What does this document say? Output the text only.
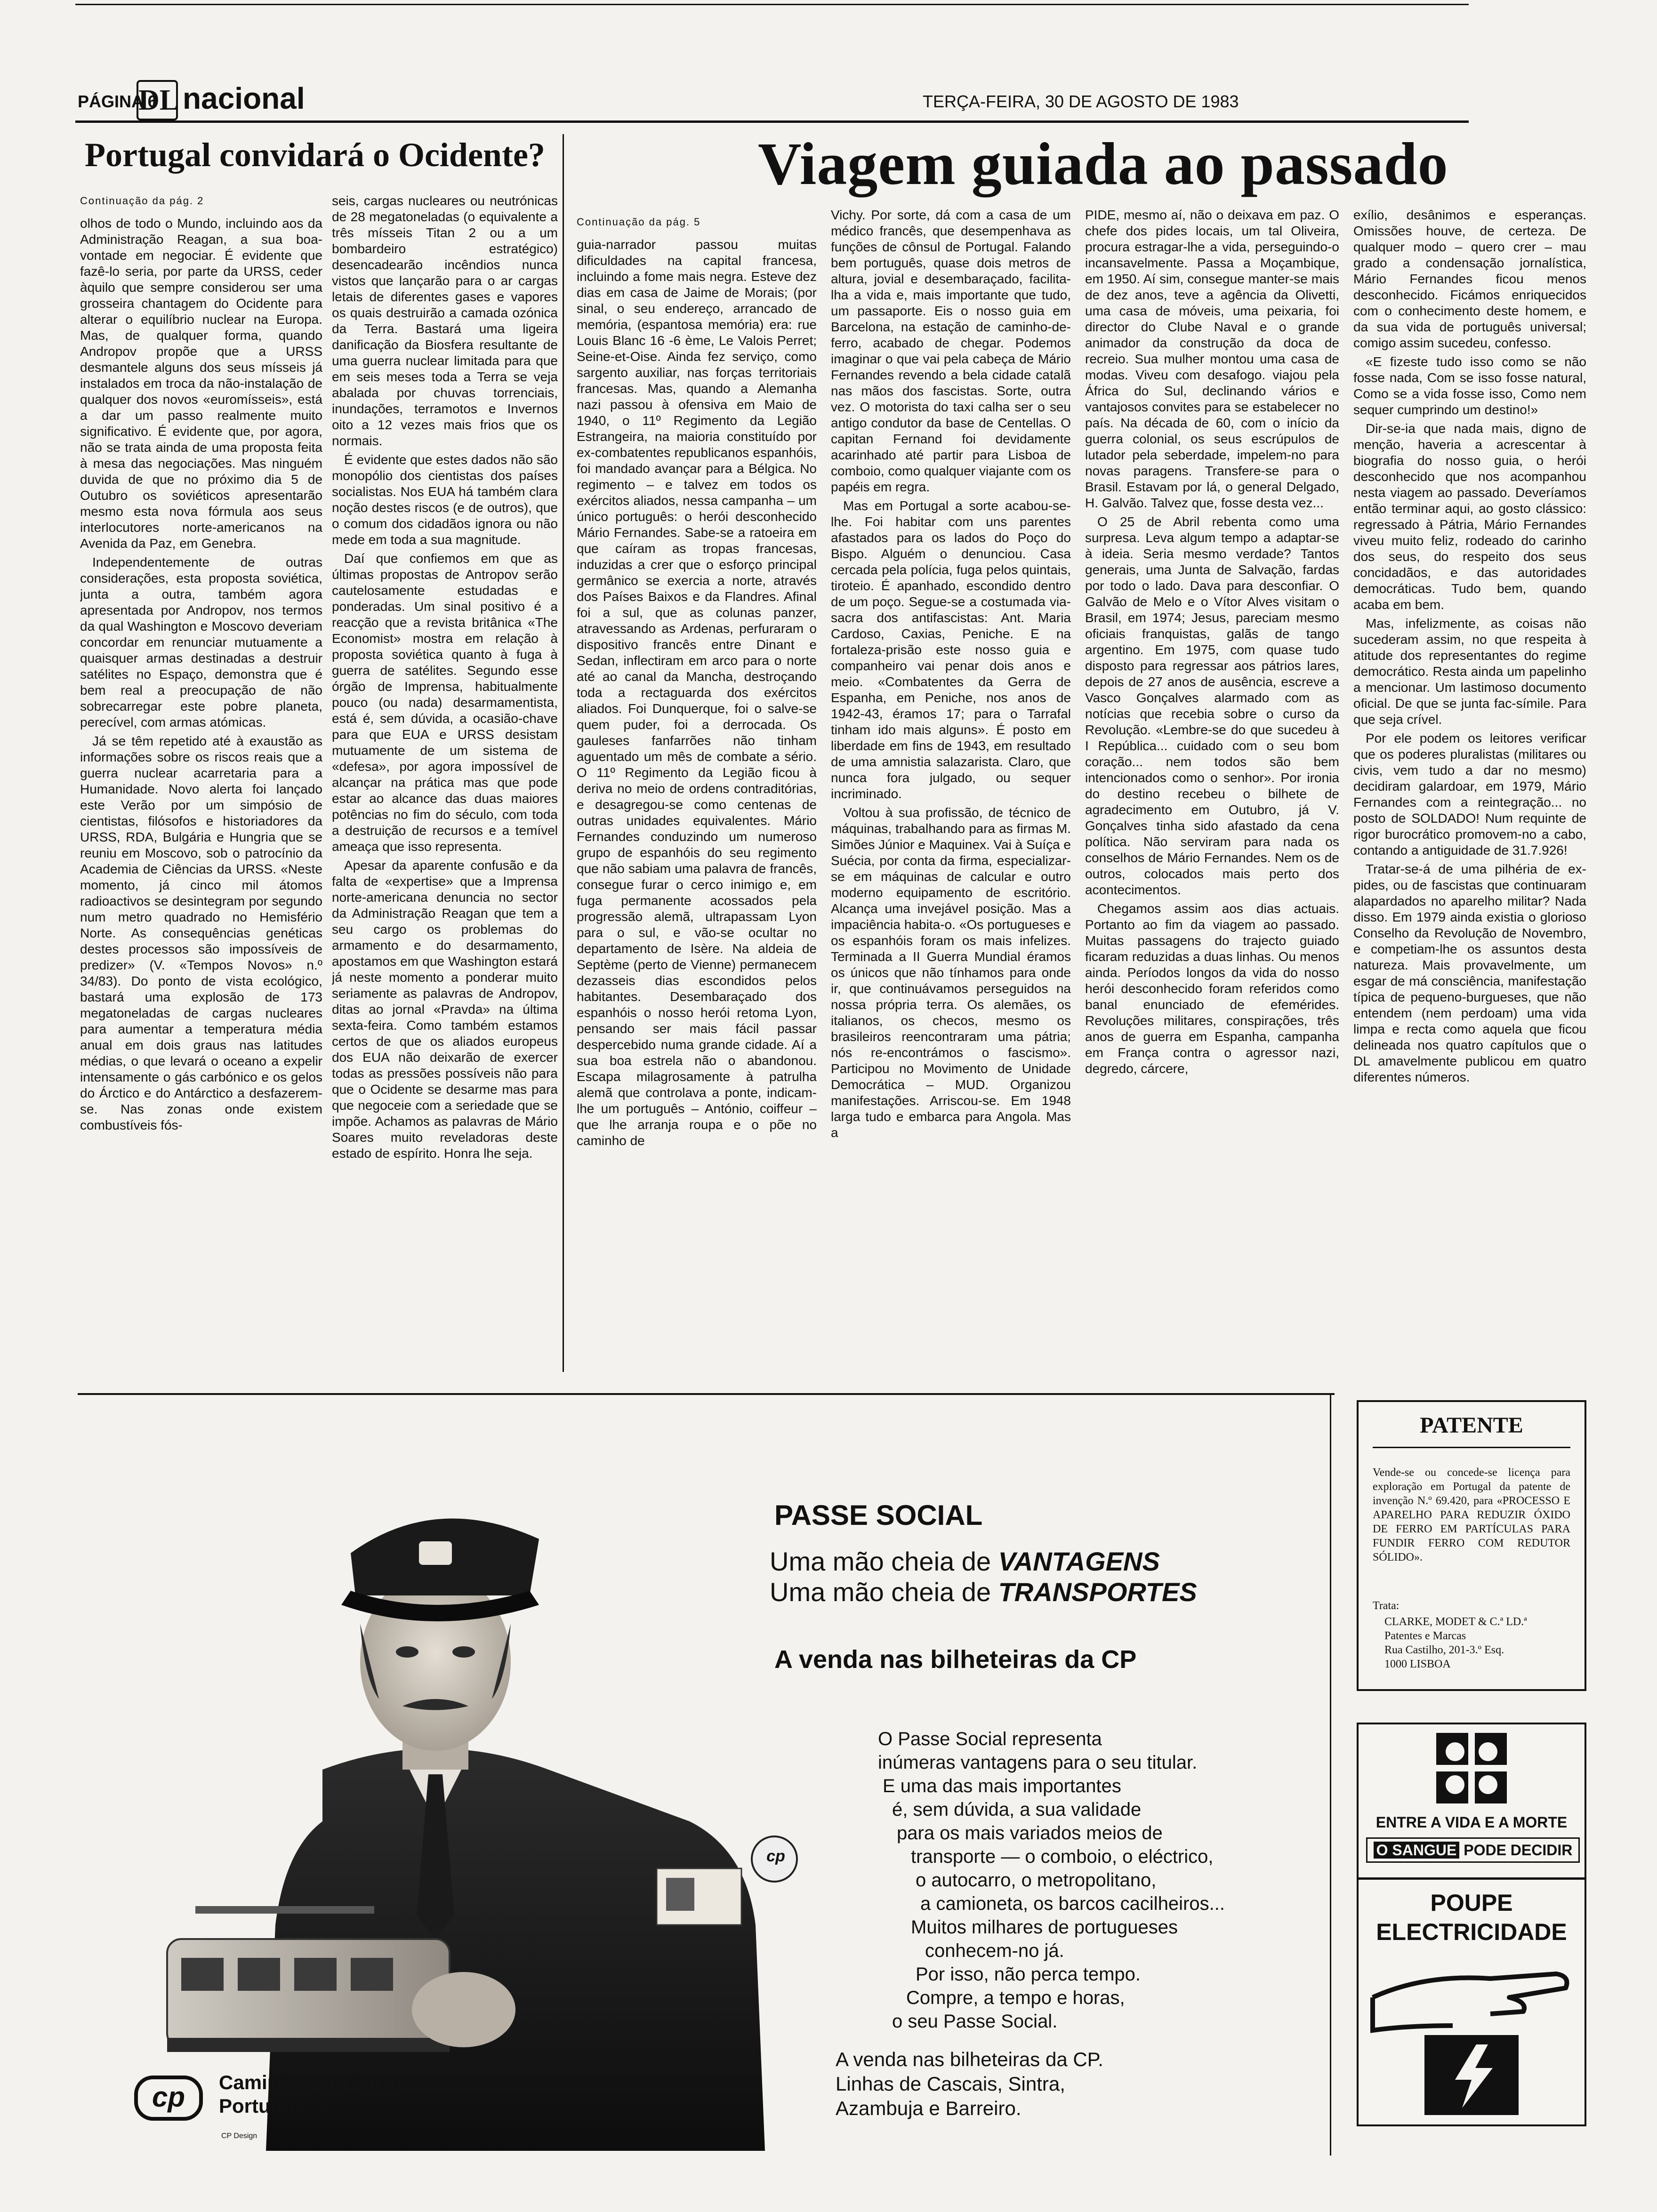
PÁGINA 6
DL nacional	TERÇA-FEIRA, 30 DE AGOSTO DE 1983
Portugal convidará o Ocidente?
Continuação da pág. 2

olhos de todo o Mundo, incluindo aos da Administração Reagan, a sua boa-vontade em negociar. É evidente que fazê-lo seria, por parte da URSS, ceder àquilo que sempre considerou ser uma grosseira chantagem do Ocidente para alterar o equilíbrio nuclear na Europa. Mas, de qualquer forma, quando Andropov propõe que a URSS desmantele alguns dos seus mísseis já instalados em troca da não-instalação de qualquer dos novos «euromísseis», está a dar um passo realmente muito significativo. É evidente que, por agora, não se trata ainda de uma proposta feita à mesa das negociações. Mas ninguém duvida de que no próximo dia 5 de Outubro os soviéticos apresentarão mesmo esta nova fórmula aos seus interlocutores norte-americanos na Avenida da Paz, em Genebra.

Independentemente de outras considerações, esta proposta soviética, junta a outra, também agora apresentada por Andropov, nos termos da qual Washington e Moscovo deveriam concordar em renunciar mutuamente a quaisquer armas destinadas a destruir satélites no Espaço, demonstra que é bem real a preocupação de não sobrecarregar este pobre planeta, perecível, com armas atómicas.

Já se têm repetido até à exaustão as informações sobre os riscos reais que a guerra nuclear acarretaria para a Humanidade. Novo alerta foi lançado este Verão por um simpósio de cientistas, filósofos e historiadores da URSS, RDA, Bulgária e Hungria que se reuniu em Moscovo, sob o patrocínio da Academia de Ciências da URSS. «Neste momento, já cinco mil átomos radioactivos se desintegram por segundo num metro quadrado no Hemisfério Norte. As consequências genéticas destes processos são impossíveis de predizer» (V. «Tempos Novos» n.º 34/83). Do ponto de vista ecológico, bastará uma explosão de 173 megatoneladas de cargas nucleares para aumentar a temperatura média anual em dois graus nas latitudes médias, o que levará o oceano a expelir intensamente o gás carbónico e os gelos do Árctico e do Antárctico a desfazerem-se. Nas zonas onde existem combustíveis fós-

seis, cargas nucleares ou neutrónicas de 28 megatoneladas (o equivalente a três mísseis Titan 2 ou a um bombardeiro estratégico) desencadearão incêndios nunca vistos que lançarão para o ar cargas letais de diferentes gases e vapores os quais destruirão a camada ozónica da Terra. Bastará uma ligeira danificação da Biosfera resultante de uma guerra nuclear limitada para que em seis meses toda a Terra se veja abalada por chuvas torrenciais, inundações, terramotos e Invernos oito a 12 vezes mais frios que os normais.

É evidente que estes dados não são monopólio dos cientistas dos países socialistas. Nos EUA há também clara noção destes riscos (e de outros), que o comum dos cidadãos ignora ou não mede em toda a sua magnitude.

Daí que confiemos em que as últimas propostas de Antropov serão cautelosamente estudadas e ponderadas. Um sinal positivo é a reacção que a revista britânica «The Economist» mostra em relação à proposta soviética quanto à fuga à guerra de satélites. Segundo esse órgão de Imprensa, habitualmente pouco (ou nada) desarmamentista, está é, sem dúvida, a ocasião-chave para que EUA e URSS desistam mutuamente de um sistema de «defesa», por agora impossível de alcançar na prática mas que pode estar ao alcance das duas maiores potências no fim do século, com toda a destruição de recursos e a temível ameaça que isso representa.

Apesar da aparente confusão e da falta de «expertise» que a Imprensa norte-americana denuncia no sector da Administração Reagan que tem a seu cargo os problemas do armamento e do desarmamento, apostamos em que Washington estará já neste momento a ponderar muito seriamente as palavras de Andropov, ditas ao jornal «Pravda» na última sexta-feira. Como também estamos certos de que os aliados europeus dos EUA não deixarão de exercer todas as pressões possíveis não para que o Ocidente se desarme mas para que negoceie com a seriedade que se impõe. Achamos as palavras de Mário Soares muito reveladoras deste estado de espírito. Honra lhe seja.

Viagem guiada ao passado
Continuação da pág. 5

guia-narrador passou muitas dificuldades na capital francesa, incluindo a fome mais negra. Esteve dez dias em casa de Jaime de Morais; (por sinal, o seu endereço, arrancado de memória, (espantosa memória) era: rue Louis Blanc 16 -6 ème, Le Valois Perret; Seine-et-Oise. Ainda fez serviço, como sargento auxiliar, nas forças territoriais francesas. Mas, quando a Alemanha nazi passou à ofensiva em Maio de 1940, o 11º Regimento da Legião Estrangeira, na maioria constituído por ex-combatentes republicanos espanhóis, foi mandado avançar para a Bélgica. No regimento – e talvez em todos os exércitos aliados, nessa campanha – um único português: o herói desconhecido Mário Fernandes. Sabe-se a ratoeira em que caíram as tropas francesas, induzidas a crer que o esforço principal germânico se exercia a norte, através dos Países Baixos e da Flandres. Afinal foi a sul, que as colunas panzer, atravessando as Ardenas, perfuraram o dispositivo francês entre Dinant e Sedan, inflectiram em arco para o norte até ao canal da Mancha, destroçando toda a rectaguarda dos exércitos aliados. Foi Dunquerque, foi o salve-se quem puder, foi a derrocada. Os gauleses fanfarrões não tinham aguentado um mês de combate a sério. O 11º Regimento da Legião ficou à deriva no meio de ordens contraditórias, e desagregou-se como centenas de outras unidades equivalentes. Mário Fernandes conduzindo um numeroso grupo de espanhóis do seu regimento que não sabiam uma palavra de francês, consegue furar o cerco inimigo e, em fuga permanente acossados pela progressão alemã, ultrapassam Lyon para o sul, e vão-se ocultar no departamento de Isère. Na aldeia de Septème (perto de Vienne) permanecem dezasseis dias escondidos pelos habitantes. Desembaraçado dos espanhóis o nosso herói retoma Lyon, pensando ser mais fácil passar despercebido numa grande cidade. Aí a sua boa estrela não o abandonou. Escapa milagrosamente à patrulha alemã que controlava a ponte, indicam-lhe um português – António, coiffeur – que lhe arranja roupa e o põe no caminho de

Vichy. Por sorte, dá com a casa de um médico francês, que desempenhava as funções de cônsul de Portugal. Falando bem português, quase dois metros de altura, jovial e desembaraçado, facilita-lha a vida e, mais importante que tudo, um passaporte. Eis o nosso guia em Barcelona, na estação de caminho-de-ferro, acabado de chegar. Podemos imaginar o que vai pela cabeça de Mário Fernandes revendo a bela cidade catalã nas mãos dos fascistas. Sorte, outra vez. O motorista do taxi calha ser o seu antigo condutor da base de Centellas. O capitan Fernand foi devidamente acarinhado até partir para Lisboa de comboio, como qualquer viajante com os papéis em regra.

Mas em Portugal a sorte acabou-se-lhe. Foi habitar com uns parentes afastados para os lados do Poço do Bispo. Alguém o denunciou. Casa cercada pela polícia, fuga pelos quintais, tiroteio. É apanhado, escondido dentro de um poço. Segue-se a costumada via-sacra dos antifascistas: Ant. Maria Cardoso, Caxias, Peniche. E na fortaleza-prisão este nosso guia e companheiro vai penar dois anos e meio. «Combatentes da Gerra de Espanha, em Peniche, nos anos de 1942-43, éramos 17; para o Tarrafal tinham ido mais alguns». É posto em liberdade em fins de 1943, em resultado de uma amnistia salazarista. Claro, que nunca fora julgado, ou sequer incriminado.

Voltou à sua profissão, de técnico de máquinas, trabalhando para as firmas M. Simões Júnior e Maquinex. Vai à Suíça e Suécia, por conta da firma, especializar-se em máquinas de calcular e outro moderno equipamento de escritório. Alcança uma invejável posição. Mas a impaciência habita-o. «Os portugueses e os espanhóis foram os mais infelizes. Terminada a II Guerra Mundial éramos os únicos que não tínhamos para onde ir, que continuávamos perseguidos na nossa própria terra. Os alemães, os italianos, os checos, mesmo os brasileiros reencontraram uma pátria; nós re-encontrámos o fascismo». Participou no Movimento de Unidade Democrática – MUD. Organizou manifestações. Arriscou-se. Em 1948 larga tudo e embarca para Angola. Mas a

PIDE, mesmo aí, não o deixava em paz. O chefe dos pides locais, um tal Oliveira, procura estragar-lhe a vida, perseguindo-o incansavelmente. Passa a Moçambique, em 1950. Aí sim, consegue manter-se mais de dez anos, teve a agência da Olivetti, uma casa de móveis, uma peixaria, foi director do Clube Naval e o grande animador da construção da doca de recreio. Sua mulher montou uma casa de modas. Viveu com desafogo. viajou pela África do Sul, declinando vários e vantajosos convites para se estabelecer no país. Na década de 60, com o início da guerra colonial, os seus escrúpulos de lutador pela seberdade, impelem-no para novas paragens. Transfere-se para o Brasil. Estavam por lá, o general Delgado, H. Galvão. Talvez que, fosse desta vez...

O 25 de Abril rebenta como uma surpresa. Leva algum tempo a adaptar-se à ideia. Seria mesmo verdade? Tantos generais, uma Junta de Salvação, fardas por todo o lado. Dava para desconfiar. O Galvão de Melo e o Vítor Alves visitam o Brasil, em 1974; Jesus, pareciam mesmo oficiais franquistas, galãs de tango argentino. Em 1975, com quase tudo disposto para regressar aos pátrios lares, depois de 27 anos de ausência, escreve a Vasco Gonçalves alarmado com as notícias que recebia sobre o curso da Revolução. «Lembre-se do que sucedeu à I República... cuidado com o seu bom coração... nem todos são bem intencionados como o senhor». Por ironia do destino recebeu o bilhete de agradecimento em Outubro, já V. Gonçalves tinha sido afastado da cena política. Não serviram para nada os conselhos de Mário Fernandes. Nem os de outros, colocados mais perto dos acontecimentos.

Chegamos assim aos dias actuais. Portanto ao fim da viagem ao passado. Muitas passagens do trajecto guiado ficaram reduzidas a duas linhas. Ou menos ainda. Períodos longos da vida do nosso herói desconhecido foram referidos como banal enunciado de efemérides. Revoluções militares, conspirações, três anos de guerra em Espanha, campanha em França contra o agressor nazi, degredo, cárcere,

exílio, desânimos e esperanças. Omissões houve, de certeza. De qualquer modo – quero crer – mau grado a condensação jornalística, Mário Fernandes ficou menos desconhecido. Ficámos enriquecidos com o conhecimento deste homem, e da sua vida de português universal; comigo assim sucedeu, confesso.

«E fizeste tudo isso como se não fosse nada, Com se isso fosse natural, Como se a vida fosse isso, Como nem sequer cumprindo um destino!»

Dir-se-ia que nada mais, digno de menção, haveria a acrescentar à biografia do nosso guia, o herói desconhecido que nos acompanhou nesta viagem ao passado. Deveríamos então terminar aqui, ao gosto clássico: regressado à Pátria, Mário Fernandes viveu muito feliz, rodeado do carinho dos seus, do respeito dos seus concidadãos, e das autoridades democráticas. Tudo bem, quando acaba em bem.

Mas, infelizmente, as coisas não sucederam assim, no que respeita à atitude dos representantes do regime democrático. Resta ainda um papelinho a mencionar. Um lastimoso documento oficial. De que se junta fac-símile. Para que seja crível.

Por ele podem os leitores verificar que os poderes pluralistas (militares ou civis, vem tudo a dar no mesmo) decidiram galardoar, em 1979, Mário Fernandes com a reintegração... no posto de SOLDADO! Num requinte de rigor burocrático promovem-no a cabo, contando a antiguidade de 31.7.926!

Tratar-se-á de uma pilhéria de ex-pides, ou de fascistas que continuaram alapardados no aparelho militar? Nada disso. Em 1979 ainda existia o glorioso Conselho da Revolução de Novembro, e competiam-lhe os assuntos desta natureza. Mais provavelmente, um esgar de má consciência, manifestação típica de pequeno-burgueses, que não entendem (nem perdoam) uma vida limpa e recta como aquela que ficou delineada nos quatro capítulos que o DL amavelmente publicou em quatro diferentes números.

cp
PASSE SOCIAL
Uma mão cheia de VANTAGENS
Uma mão cheia de TRANSPORTES
A venda nas bilheteiras da CP
O Passe Social representa
inúmeras vantagens para o seu titular.
E uma das mais importantes
é, sem dúvida, a sua validade
para os mais variados meios de
transporte — o comboio, o eléctrico,
o autocarro, o metropolitano,
a camioneta, os barcos cacilheiros...
Muitos milhares de portugueses
conhecem-no já.
Por isso, não perca tempo.
Compre, a tempo e horas,
o seu Passe Social.
A venda nas bilheteiras da CP.
Linhas de Cascais, Sintra,
Azambuja e Barreiro.
cp	Caminhos de Ferro
Portugueses
CP Design
PATENTE
Vende-se ou concede-se licença para exploração em Portugal da patente de invenção N.º 69.420, para «PROCESSO E APARELHO PARA REDUZIR ÓXIDO DE FERRO EM PARTÍCULAS PARA FUNDIR FERRO COM REDUTOR SÓLIDO».
Trata:
CLARKE, MODET & C.ª LD.ª
Patentes e Marcas
Rua Castilho, 201-3.º Esq.
1000 LISBOA
ENTRE A VIDA E A MORTE
O SANGUE PODE DECIDIR
POUPE
ELECTRICIDADE
